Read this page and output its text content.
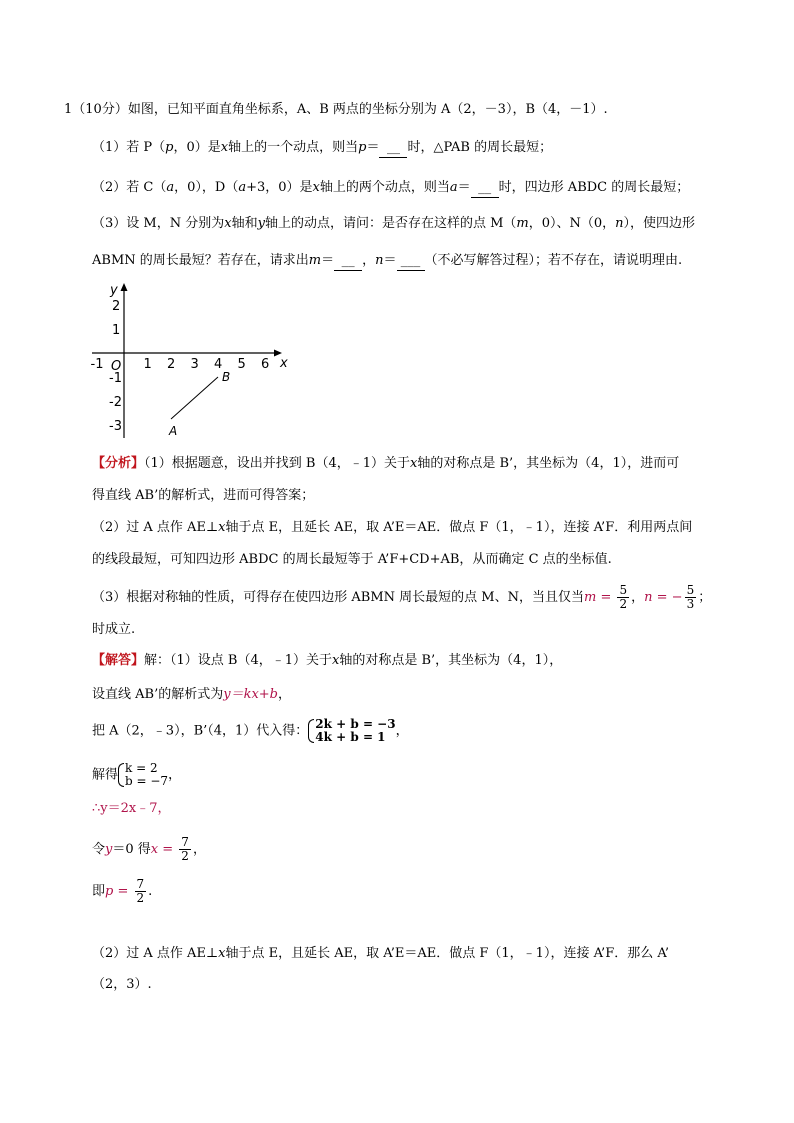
1（10分）如图，已知平面直角坐标系，A、B 两点的坐标分别为 A（2，－3），B（4，－1）.
（1）若 P（p，0）是x轴上的一个动点，则当p＝ __ 时，△PAB 的周长最短；
（2）若 C（a，0），D（a+3，0）是x轴上的两个动点，则当a＝ __ 时，四边形 ABDC 的周长最短；
（3）设 M，N 分别为x轴和y轴上的动点，请问：是否存在这样的点 M（m，0）、N（0，n），使四边形
ABMN 的周长最短？若存在，请求出m＝ __ ，n＝ ___ （不必写解答过程）；若不存在，请说明理由.
x
y
O
-1	1 2 3 4 5 6
2
1
-1
-2
-3	A
B
【分析】（1）根据题意，设出并找到 B（4，﹣1）关于x轴的对称点是 B’，其坐标为（4，1），进而可
得直线 AB’的解析式，进而可得答案；
（2）过 A 点作 AE⊥x轴于点 E，且延长 AE，取 A’E＝AE．做点 F（1，﹣1），连接 A’F．利用两点间
的线段最短，可知四边形 ABDC 的周长最短等于 A’F+CD+AB，从而确定 C 点的坐标值.
（3）根据对称轴的性质，可得存在使四边形 ABMN 周长最短的点 M、N，当且仅当$m = \frac{5}{2}$ ，n = − $\frac{5}{3}$ ；
时成立.
【解答】解：（1）设点 B（4，﹣1）关于x轴的对称点是 B’，其坐标为（4，1），
设直线 AB’的解析式为y＝kx+b，
把 A（2，﹣3），B’（4，1）代入得： 2k + b = −3
4k + b = 1 ，
解得 k = 2
b = −7 ，
∴y＝2x﹣7，
令y＝0 得$x = \frac{7}{2}$ ，
即$p = \frac{7}{2}$ .
（2）过 A 点作 AE⊥x轴于点 E，且延长 AE，取 A’E＝AE．做点 F（1，﹣1），连接 A’F．那么 A’
（2，3）.
